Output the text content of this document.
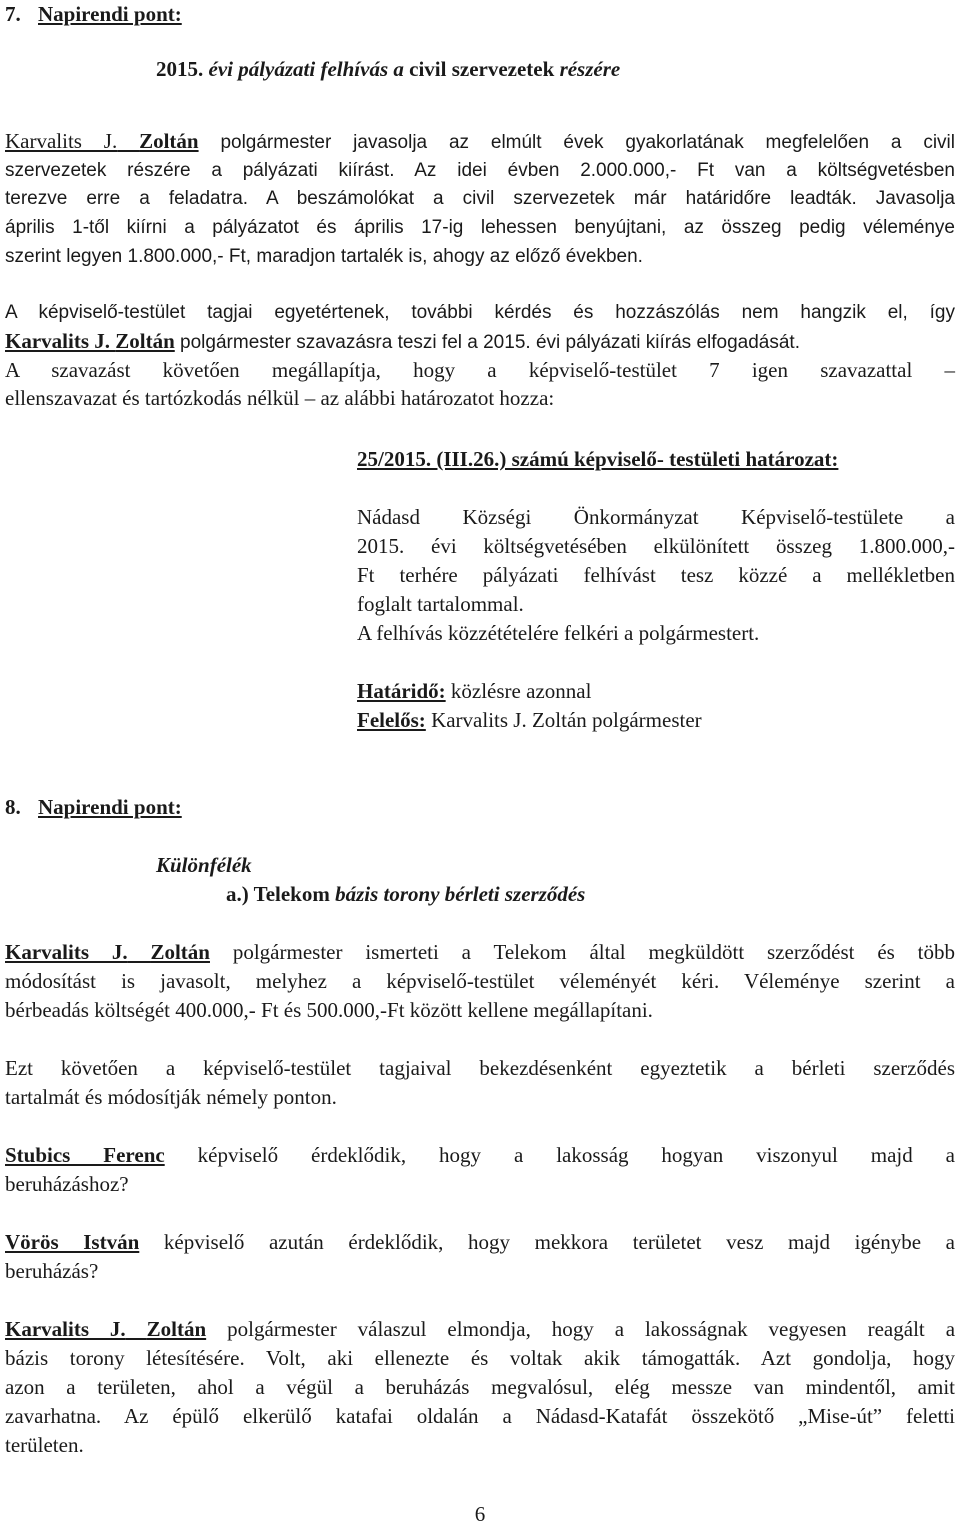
7. Napirendi pont:
2015. évi pályázati felhívás a civil szervezetek részére
Karvalits J. Zoltán polgármester javasolja az elmúlt évek gyakorlatának megfelelően a civil
szervezetek részére a pályázati kiírást. Az idei évben 2.000.000,- Ft van a költségvetésben
terezve erre a feladatra. A beszámolókat a civil szervezetek már határidőre leadták. Javasolja
április 1-től kiírni a pályázatot és április 17-ig lehessen benyújtani, az összeg pedig véleménye
szerint legyen 1.800.000,- Ft, maradjon tartalék is, ahogy az előző években.
A képviselő-testület tagjai egyetértenek, további kérdés és hozzászólás nem hangzik el, így
Karvalits J. Zoltán polgármester szavazásra teszi fel a 2015. évi pályázati kiírás elfogadását.
A szavazást követően megállapítja, hogy a képviselő-testület 7 igen szavazattal –
ellenszavazat és tartózkodás nélkül – az alábbi határozatot hozza:
25/2015. (III.26.) számú képviselő- testületi határozat:
Nádasd Községi Önkormányzat Képviselő-testülete a
2015. évi költségvetésében elkülönített összeg 1.800.000,-
Ft terhére pályázati felhívást tesz közzé a mellékletben
foglalt tartalommal.
A felhívás közzétételére felkéri a polgármestert.
Határidő: közlésre azonnal
Felelős: Karvalits J. Zoltán polgármester
8. Napirendi pont:
Különfélék
a.) Telekom bázis torony bérleti szerződés
Karvalits J. Zoltán polgármester ismerteti a Telekom által megküldött szerződést és több
módosítást is javasolt, melyhez a képviselő-testület véleményét kéri. Véleménye szerint a
bérbeadás költségét 400.000,- Ft és 500.000,-Ft között kellene megállapítani.
Ezt követően a képviselő-testület tagjaival bekezdésenként egyeztetik a bérleti szerződés
tartalmát és módosítják némely ponton.
Stubics Ferenc képviselő érdeklődik, hogy a lakosság hogyan viszonyul majd a
beruházáshoz?
Vörös István képviselő azután érdeklődik, hogy mekkora területet vesz majd igénybe a
beruházás?
Karvalits J. Zoltán polgármester válaszul elmondja, hogy a lakosságnak vegyesen reagált a
bázis torony létesítésére. Volt, aki ellenezte és voltak akik támogatták. Azt gondolja, hogy
azon a területen, ahol a végül a beruházás megvalósul, elég messze van mindentől, amit
zavarhatna. Az épülő elkerülő katafai oldalán a Nádasd-Katafát összekötő „Mise-út” feletti
területen.
6
